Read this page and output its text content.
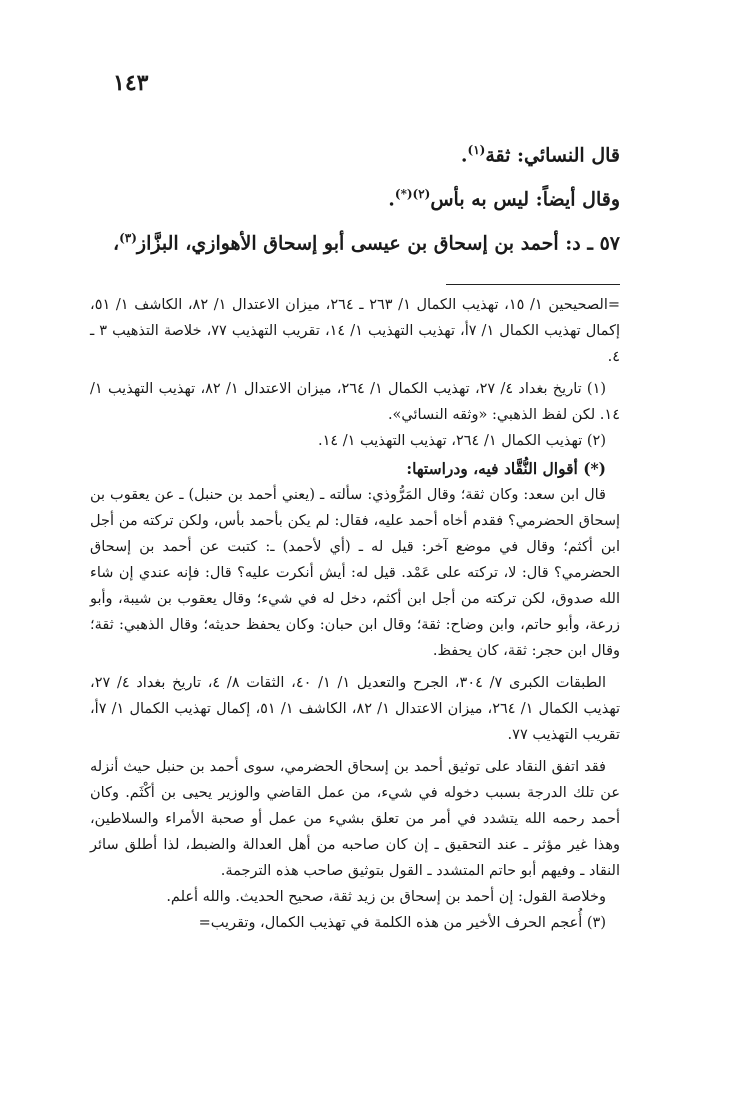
١٤٣
قال النسائي: ثقة$^{(١)}$.
وقال أيضاً: ليس به بأس$^{(٢)(*)}$.
٥٧ ـ د: أحمد بن إسحاق بن عيسى أبو إسحاق الأهوازي، البزَّاز$^{(٣)}$،

=الصحيحين ١/ ١٥، تهذيب الكمال ١/ ٢٦٣ ـ ٢٦٤، ميزان الاعتدال ١/ ٨٢، الكاشف ١/ ٥١، إكمال تهذيب الكمال ١/ ٧أ، تهذيب التهذيب ١/ ١٤، تقريب التهذيب ٧٧، خلاصة التذهيب ٣ ـ ٤.

(١) تاريخ بغداد ٤/ ٢٧، تهذيب الكمال ١/ ٢٦٤، ميزان الاعتدال ١/ ٨٢، تهذيب التهذيب ١/ ١٤. لكن لفظ الذهبي: «وثقه النسائي».

(٢) تهذيب الكمال ١/ ٢٦٤، تهذيب التهذيب ١/ ١٤.

(*) أقوال النُّقَّاد فيه، ودراستها:

قال ابن سعد: وكان ثقة؛ وقال المَرُّوذي: سألته ـ (يعني أحمد بن حنبل) ـ عن يعقوب بن إسحاق الحضرمي؟ فقدم أخاه أحمد عليه، فقال: لم يكن بأحمد بأس، ولكن تركته من أجل ابن أكثم؛ وقال في موضع آخر: قيل له ـ (أي لأحمد) ـ: كتبت عن أحمد بن إسحاق الحضرمي؟ قال: لا، تركته على عَمْد. قيل له: أيش أنكرت عليه؟ قال: فإنه عندي إن شاء الله صدوق، لكن تركته من أجل ابن أكثم، دخل له في شيء؛ وقال يعقوب بن شيبة، وأبو زرعة، وأبو حاتم، وابن وضاح: ثقة؛ وقال ابن حبان: وكان يحفظ حديثه؛ وقال الذهبي: ثقة؛ وقال ابن حجر: ثقة، كان يحفظ.

الطبقات الكبرى ٧/ ٣٠٤، الجرح والتعديل ١/ ١/ ٤٠، الثقات ٨/ ٤، تاريخ بغداد ٤/ ٢٧، تهذيب الكمال ١/ ٢٦٤، ميزان الاعتدال ١/ ٨٢، الكاشف ١/ ٥١، إكمال تهذيب الكمال ١/ ٧أ، تقريب التهذيب ٧٧.

فقد اتفق النقاد على توثيق أحمد بن إسحاق الحضرمي، سوى أحمد بن حنبل حيث أنزله عن تلك الدرجة بسبب دخوله في شيء، من عمل القاضي والوزير يحيى بن أكْثَم. وكان أحمد رحمه الله يتشدد في أمر من تعلق بشيء من عمل أو صحبة الأمراء والسلاطين، وهذا غير مؤثر ـ عند التحقيق ـ إن كان صاحبه من أهل العدالة والضبط، لذا أطلق سائر النقاد ـ وفيهم أبو حاتم المتشدد ـ القول بتوثيق صاحب هذه الترجمة.

وخلاصة القول: إن أحمد بن إسحاق بن زيد ثقة، صحيح الحديث. والله أعلم.

(٣) أُعجم الحرف الأخير من هذه الكلمة في تهذيب الكمال، وتقريب=
